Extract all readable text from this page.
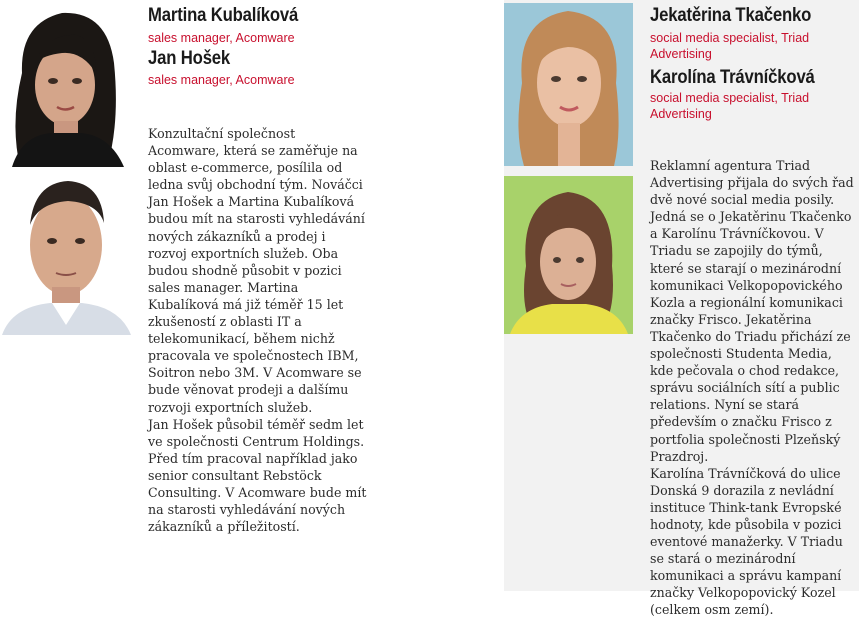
Martina Kubalíková
sales manager, Acomware
Jan Hošek
sales manager, Acomware

Konzultační společnost Acomware, která se zaměřuje na oblast e-commerce, posílila od ledna svůj obchodní tým. Nováčci Jan Hošek a Martina Kubalíková budou mít na starosti vyhledávání nových zákazníků a prodej i rozvoj exportních služeb. Oba budou shodně působit v pozici sales manager. Martina Kubalíková má již téměř 15 let zkušeností z oblasti IT a telekomunikací, během nichž pracovala ve společnostech IBM, Soitron nebo 3M. V Acomware se bude věnovat prodeji a dalšímu rozvoji exportních služeb.

Jan Hošek působil téměř sedm let ve společnosti Centrum Holdings. Před tím pracoval například jako senior consultant Rebstöck Consulting. V Acomware bude mít na starosti vyhledávání nových zákazníků a příležitostí.

Jekatěrina Tkačenko
social media specialist, Triad Advertising
Karolína Trávníčková
social media specialist, Triad Advertising

Reklamní agentura Triad Advertising přijala do svých řad dvě nové social media posily. Jedná se o Jekatěrinu Tkačenko a Karolínu Trávníčkovou. V Triadu se zapojily do týmů, které se starají o mezinárodní komunikaci Velkopopovického Kozla a regionální komunikaci značky Frisco. Jekatěrina Tkačenko do Triadu přichází ze společnosti Studenta Media, kde pečovala o chod redakce, správu sociálních sítí a public relations. Nyní se stará především o značku Frisco z portfolia společnosti Plzeňský Prazdroj.

Karolína Trávníčková do ulice Donská 9 dorazila z nevládní instituce Think-tank Evropské hodnoty, kde působila v pozici eventové manažerky. V Triadu se stará o mezinárodní komunikaci a správu kampaní značky Velkopopovický Kozel (celkem osm zemí).
